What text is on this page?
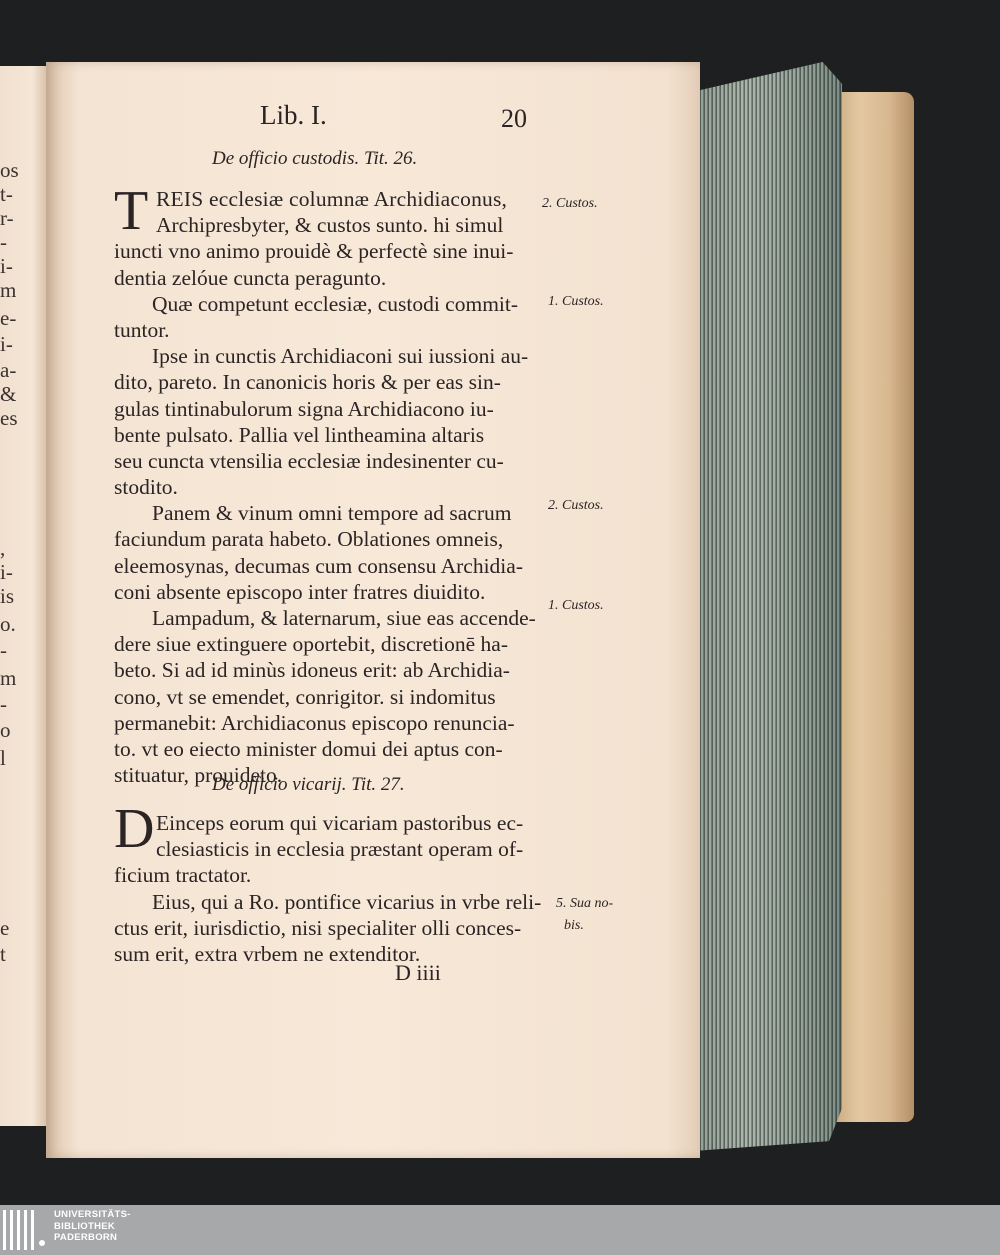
os
t-
r-
-
i-
m
e-
i-
a-
&
es
,
i-
is
o.
-
m
-
o
l
e
t
Lib. I.	20
De officio custodis. Tit. 26.
T REIS ecclesiæ columnæ Archidiaconus,
Archipresbyter, & custos sunto. hi simul
iuncti vno animo prouidè & perfectè sine inui-
dentia zelóue cuncta peragunto.
Quæ competunt ecclesiæ, custodi commit-
tuntor.
Ipse in cunctis Archidiaconi sui iussioni au-
dito, pareto. In canonicis horis & per eas sin-
gulas tintinabulorum signa Archidiacono iu-
bente pulsato. Pallia vel lintheamina altaris
seu cuncta vtensilia ecclesiæ indesinenter cu-
stodito.
Panem & vinum omni tempore ad sacrum
faciundum parata habeto. Oblationes omneis,
eleemosynas, decumas cum consensu Archidia-
coni absente episcopo inter fratres diuidito.
Lampadum, & laternarum, siue eas accende-
dere siue extinguere oportebit, discretionē ha-
beto. Si ad id minùs idoneus erit: ab Archidia-
cono, vt se emendet, conrigitor. si indomitus
permanebit: Archidiaconus episcopo renuncia-
to. vt eo eiecto minister domui dei aptus con-
stituatur, prouideto.
De officio vicarij. Tit. 27.
D Einceps eorum qui vicariam pastoribus ec-
clesiasticis in ecclesia præstant operam of-
ficium tractator.
Eius, qui a Ro. pontifice vicarius in vrbe reli-
ctus erit, iurisdictio, nisi specialiter olli conces-
sum erit, extra vrbem ne extenditor.
D iiii
2. Custos.
1. Custos.
2. Custos.
1. Custos.
5. Sua no-
bis.
UNIVERSITÄTS-
BIBLIOTHEK
PADERBORN
